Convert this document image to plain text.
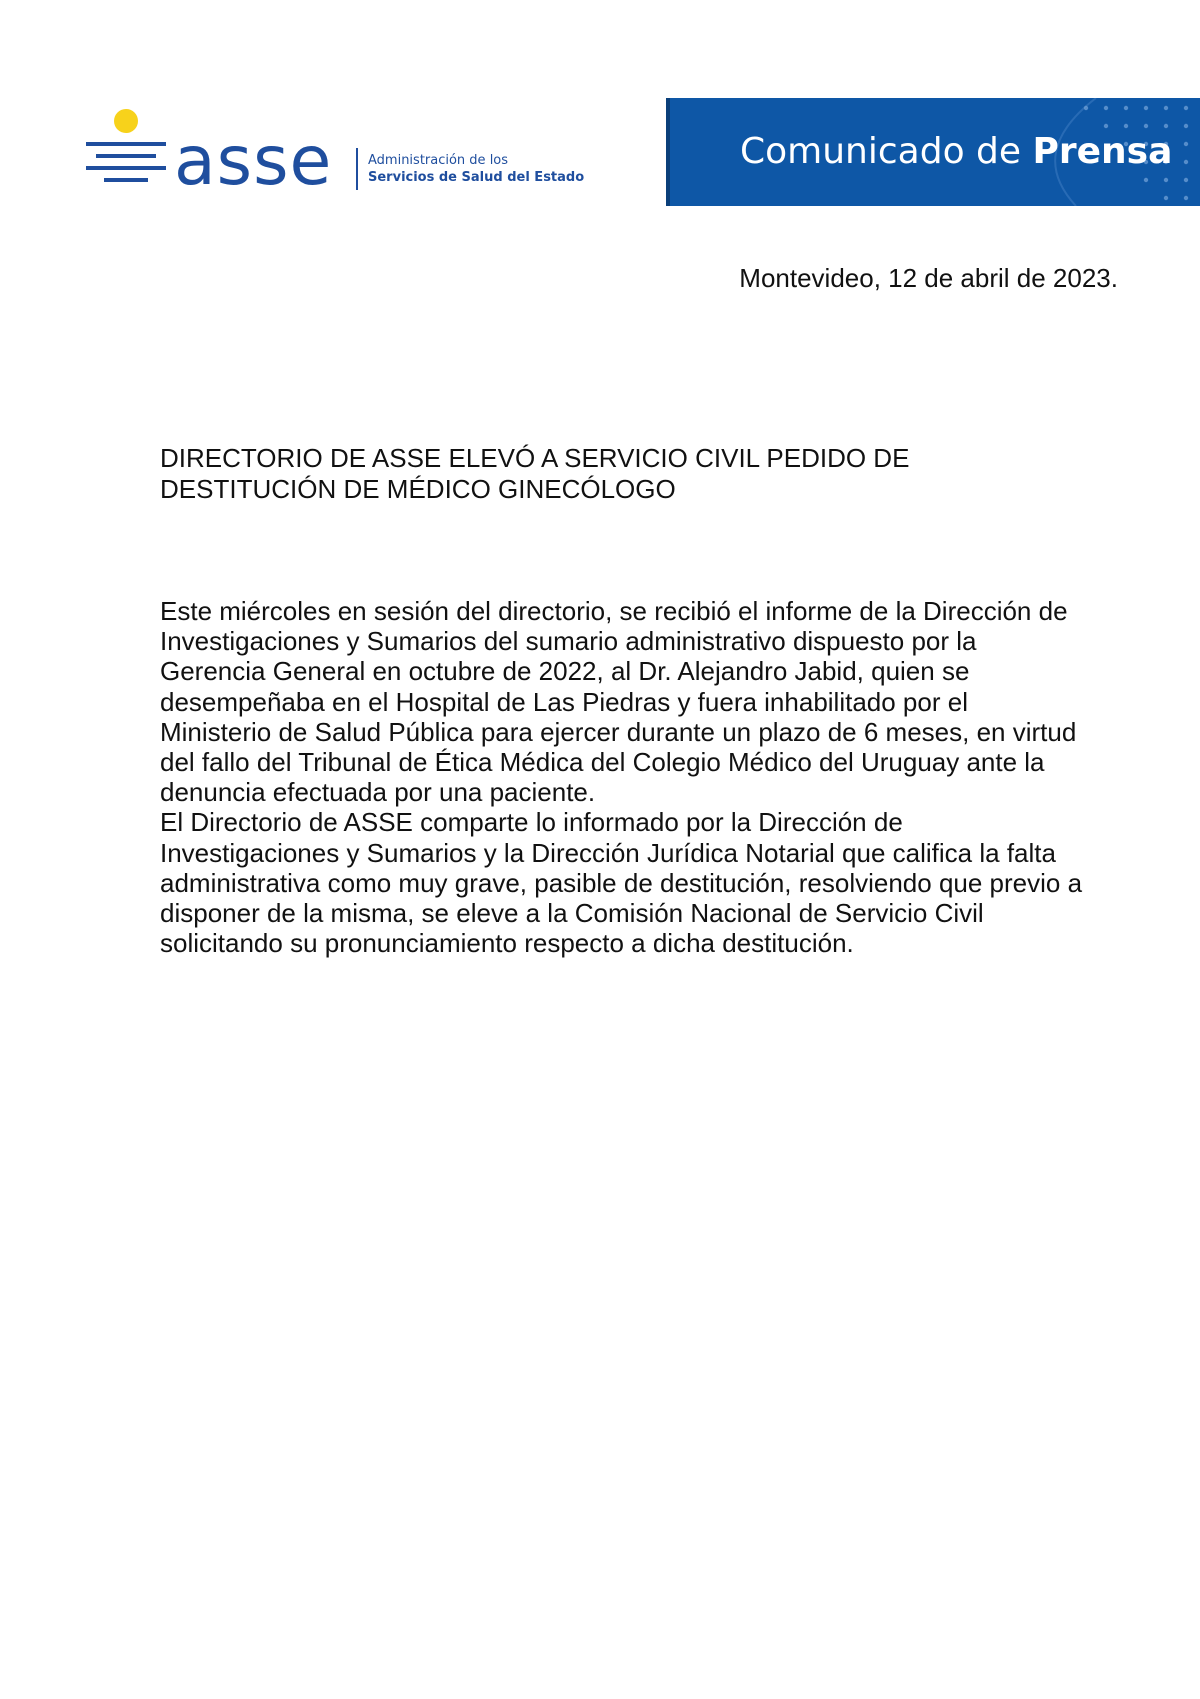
asse	Administración de los
Servicios de Salud del Estado
Comunicado de Prensa
Montevideo, 12 de abril de 2023.
DIRECTORIO DE ASSE ELEVÓ A SERVICIO CIVIL PEDIDO DE
DESTITUCIÓN DE MÉDICO GINECÓLOGO
Este miércoles en sesión del directorio, se recibió el informe de la Dirección de
Investigaciones y Sumarios del sumario administrativo dispuesto por la
Gerencia General en octubre de 2022, al Dr. Alejandro Jabid, quien se
desempeñaba en el Hospital de Las Piedras y fuera inhabilitado por el
Ministerio de Salud Pública para ejercer durante un plazo de 6 meses, en virtud
del fallo del Tribunal de Ética Médica del Colegio Médico del Uruguay ante la
denuncia efectuada por una paciente.
El Directorio de ASSE comparte lo informado por la Dirección de
Investigaciones y Sumarios y la Dirección Jurídica Notarial que califica la falta
administrativa como muy grave, pasible de destitución, resolviendo que previo a
disponer de la misma, se eleve a la Comisión Nacional de Servicio Civil
solicitando su pronunciamiento respecto a dicha destitución.
